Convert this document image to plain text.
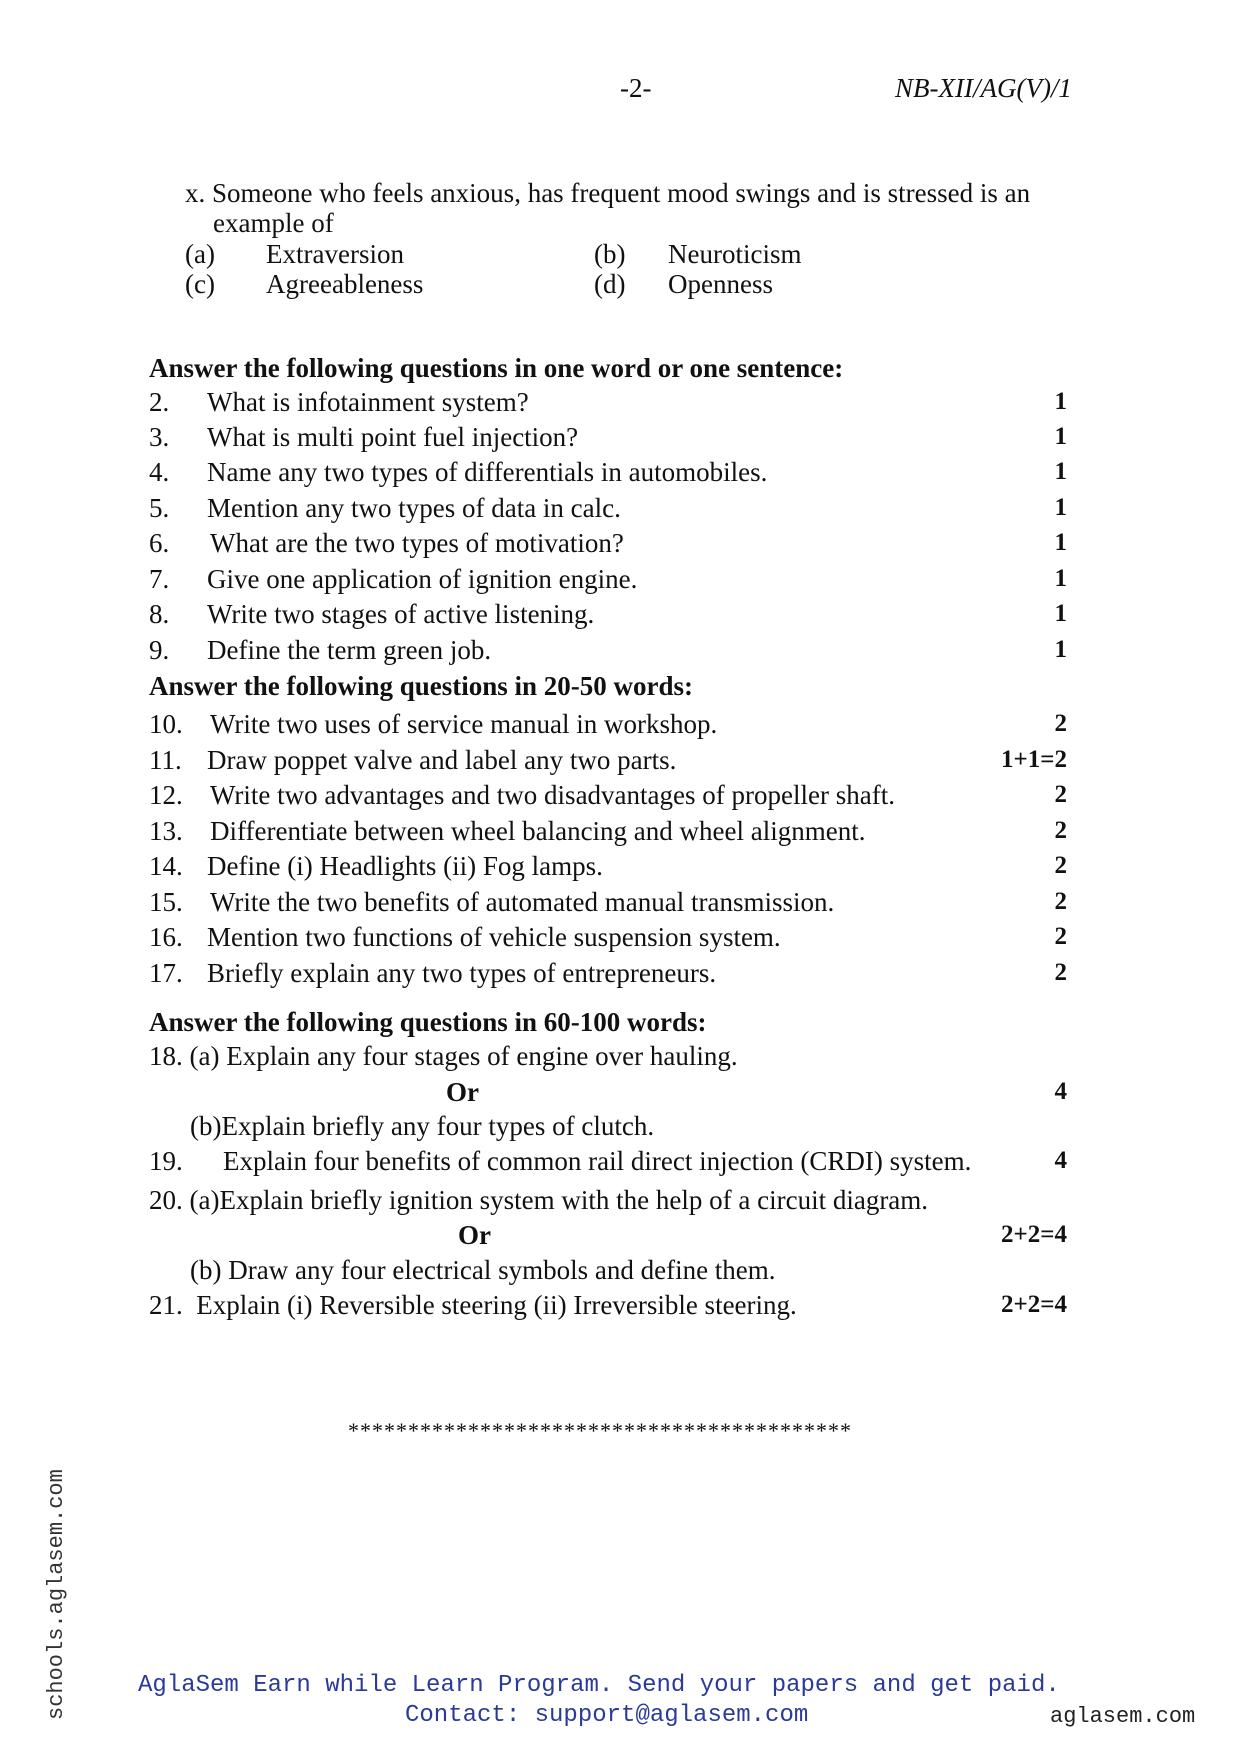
-2-	NB-XII/AG(V)/1
x. Someone who feels anxious, has frequent mood swings and is stressed is an
example of
(a) Extraversion	(b) Neuroticism
(c) Agreeableness	(d) Openness
Answer the following questions in one word or one sentence:
2. What is infotainment system?	1
3. What is multi point fuel injection?	1
4. Name any two types of differentials in automobiles.	1
5. Mention any two types of data in calc.	1
6. What are the two types of motivation?	1
7. Give one application of ignition engine.	1
8. Write two stages of active listening.	1
9. Define the term green job.	1
Answer the following questions in 20-50 words:
10. Write two uses of service manual in workshop.	2
11. Draw poppet valve and label any two parts.	1+1=2
12. Write two advantages and two disadvantages of propeller shaft.	2
13. Differentiate between wheel balancing and wheel alignment.	2
14. Define (i) Headlights (ii) Fog lamps.	2
15. Write the two benefits of automated manual transmission.	2
16. Mention two functions of vehicle suspension system.	2
17. Briefly explain any two types of entrepreneurs.	2
Answer the following questions in 60-100 words:
18. (a) Explain any four stages of engine over hauling.
Or	4
(b)Explain briefly any four types of clutch.
19. Explain four benefits of common rail direct injection (CRDI) system.	4
20. (a)Explain briefly ignition system with the help of a circuit diagram.
Or	2+2=4
(b) Draw any four electrical symbols and define them.
21.  Explain (i) Reversible steering (ii) Irreversible steering.	2+2=4
******************************************
schools.aglasem.com	AglaSem Earn while Learn Program. Send your papers and get paid.
Contact: support@aglasem.com	aglasem.com
